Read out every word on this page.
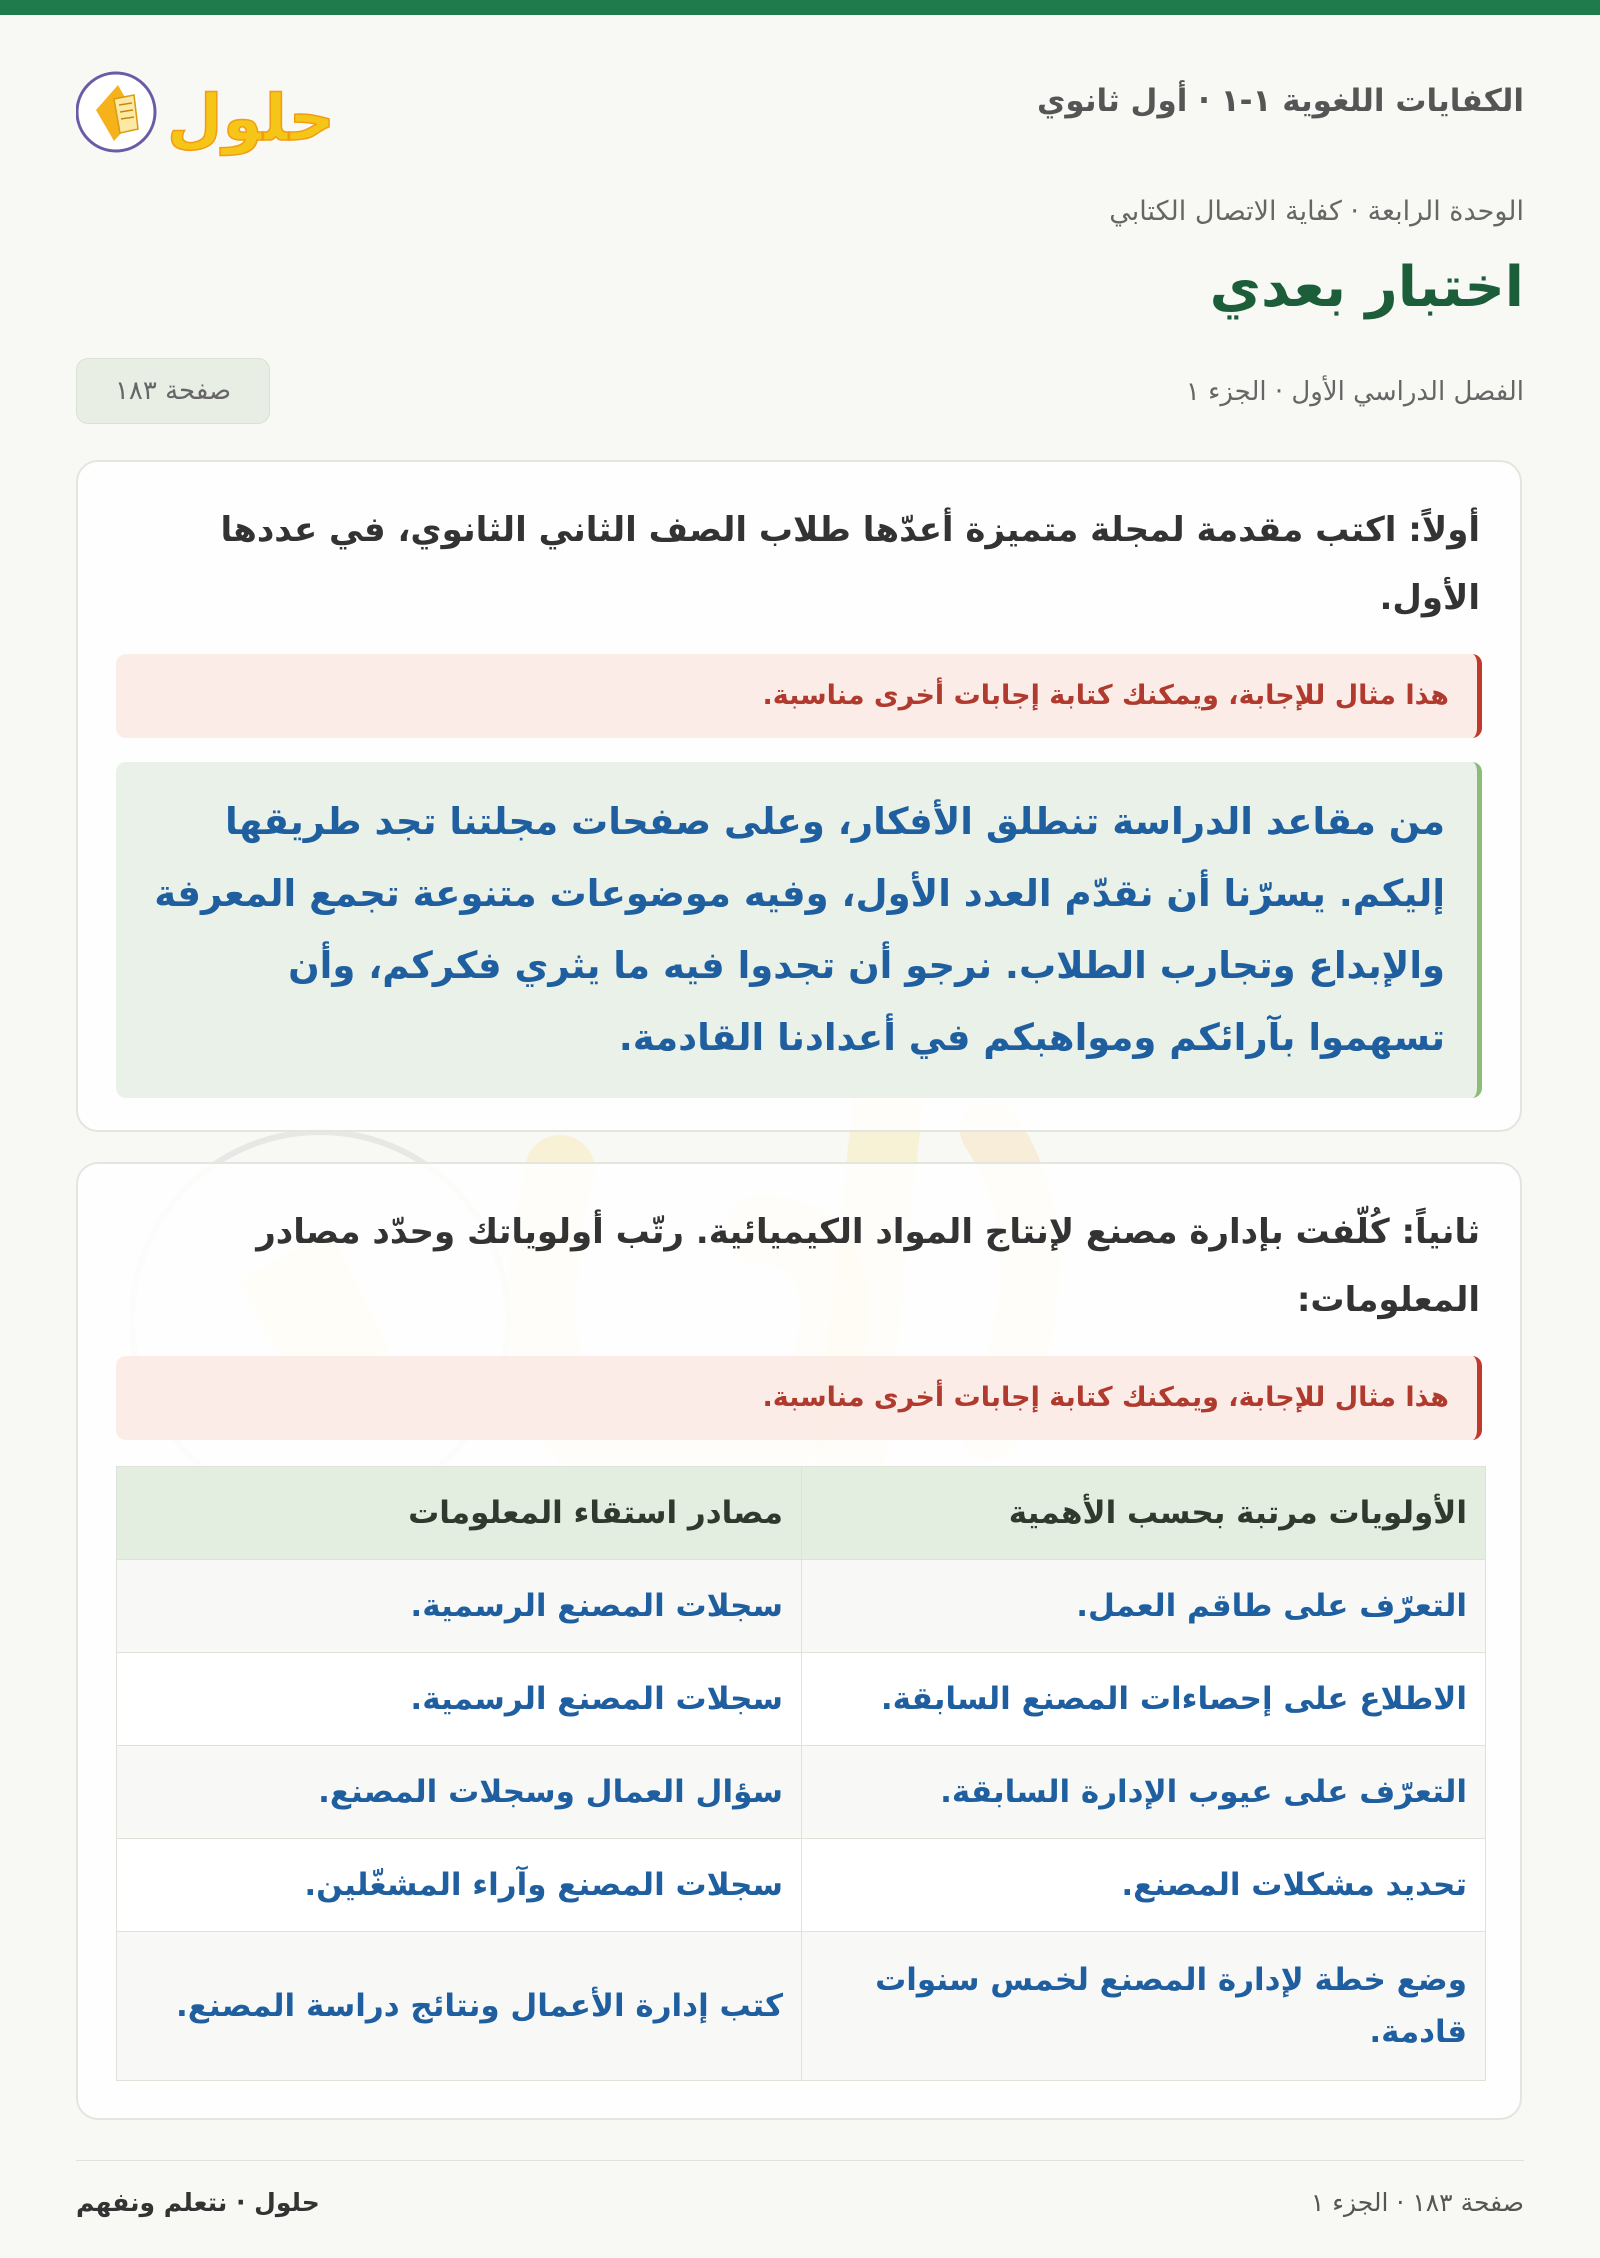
الكفايات اللغوية ١-١ · أول ثانوي
حلول
الوحدة الرابعة · كفاية الاتصال الكتابي
اختبار بعدي
الفصل الدراسي الأول · الجزء ١
صفحة ١٨٣
أولاً: اكتب مقدمة لمجلة متميزة أعدّها طلاب الصف الثاني الثانوي، في عددها الأول.
هذا مثال للإجابة، ويمكنك كتابة إجابات أخرى مناسبة.
من مقاعد الدراسة تنطلق الأفكار، وعلى صفحات مجلتنا تجد طريقها إليكم. يسرّنا أن نقدّم العدد الأول، وفيه موضوعات متنوعة تجمع المعرفة والإبداع وتجارب الطلاب. نرجو أن تجدوا فيه ما يثري فكركم، وأن تسهموا بآرائكم ومواهبكم في أعدادنا القادمة.
ثانياً: كُلّفت بإدارة مصنع لإنتاج المواد الكيميائية. رتّب أولوياتك وحدّد مصادر المعلومات:
هذا مثال للإجابة، ويمكنك كتابة إجابات أخرى مناسبة.
الأولويات مرتبة بحسب الأهمية	مصادر استقاء المعلومات
التعرّف على طاقم العمل.	سجلات المصنع الرسمية.
الاطلاع على إحصاءات المصنع السابقة.	سجلات المصنع الرسمية.
التعرّف على عيوب الإدارة السابقة.	سؤال العمال وسجلات المصنع.
تحديد مشكلات المصنع.	سجلات المصنع وآراء المشغّلين.
وضع خطة لإدارة المصنع لخمس سنوات قادمة.	كتب إدارة الأعمال ونتائج دراسة المصنع.
صفحة ١٨٣ · الجزء ١
حلول · نتعلم ونفهم
